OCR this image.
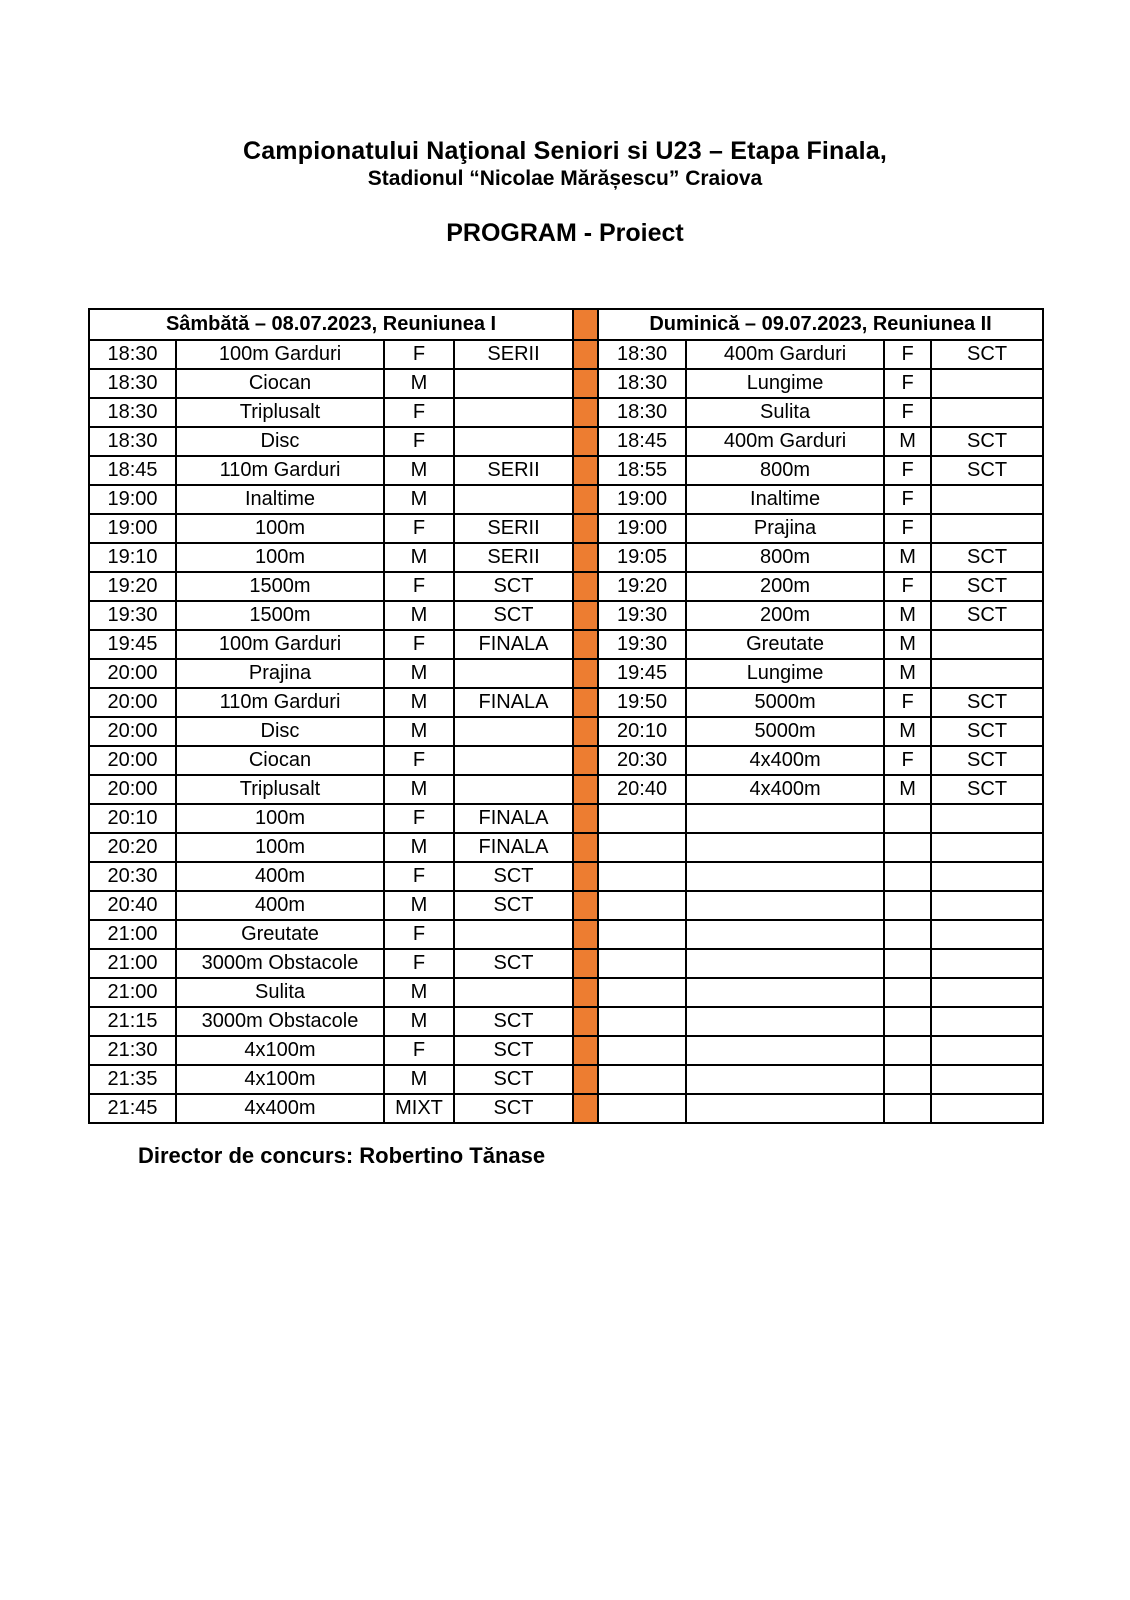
Campionatului Naţional Seniori si U23 – Etapa Finala,
Stadionul “Nicolae Mărășescu” Craiova
PROGRAM - Proiect
Sâmbătă – 08.07.2023, Reuniunea I					Duminică – 09.07.2023, Reuniunea II			
18:30	100m Garduri	F	SERII		18:30	400m Garduri	F	SCT
18:30	Ciocan	M			18:30	Lungime	F	
18:30	Triplusalt	F			18:30	Sulita	F	
18:30	Disc	F			18:45	400m Garduri	M	SCT
18:45	110m Garduri	M	SERII		18:55	800m	F	SCT
19:00	Inaltime	M			19:00	Inaltime	F	
19:00	100m	F	SERII		19:00	Prajina	F	
19:10	100m	M	SERII		19:05	800m	M	SCT
19:20	1500m	F	SCT		19:20	200m	F	SCT
19:30	1500m	M	SCT		19:30	200m	M	SCT
19:45	100m Garduri	F	FINALA		19:30	Greutate	M	
20:00	Prajina	M			19:45	Lungime	M	
20:00	110m Garduri	M	FINALA		19:50	5000m	F	SCT
20:00	Disc	M			20:10	5000m	M	SCT
20:00	Ciocan	F			20:30	4x400m	F	SCT
20:00	Triplusalt	M			20:40	4x400m	M	SCT
20:10	100m	F	FINALA					
20:20	100m	M	FINALA					
20:30	400m	F	SCT					
20:40	400m	M	SCT					
21:00	Greutate	F						
21:00	3000m Obstacole	F	SCT					
21:00	Sulita	M						
21:15	3000m Obstacole	M	SCT					
21:30	4x100m	F	SCT					
21:35	4x100m	M	SCT					
21:45	4x400m	MIXT	SCT					
Director de concurs: Robertino Tănase
